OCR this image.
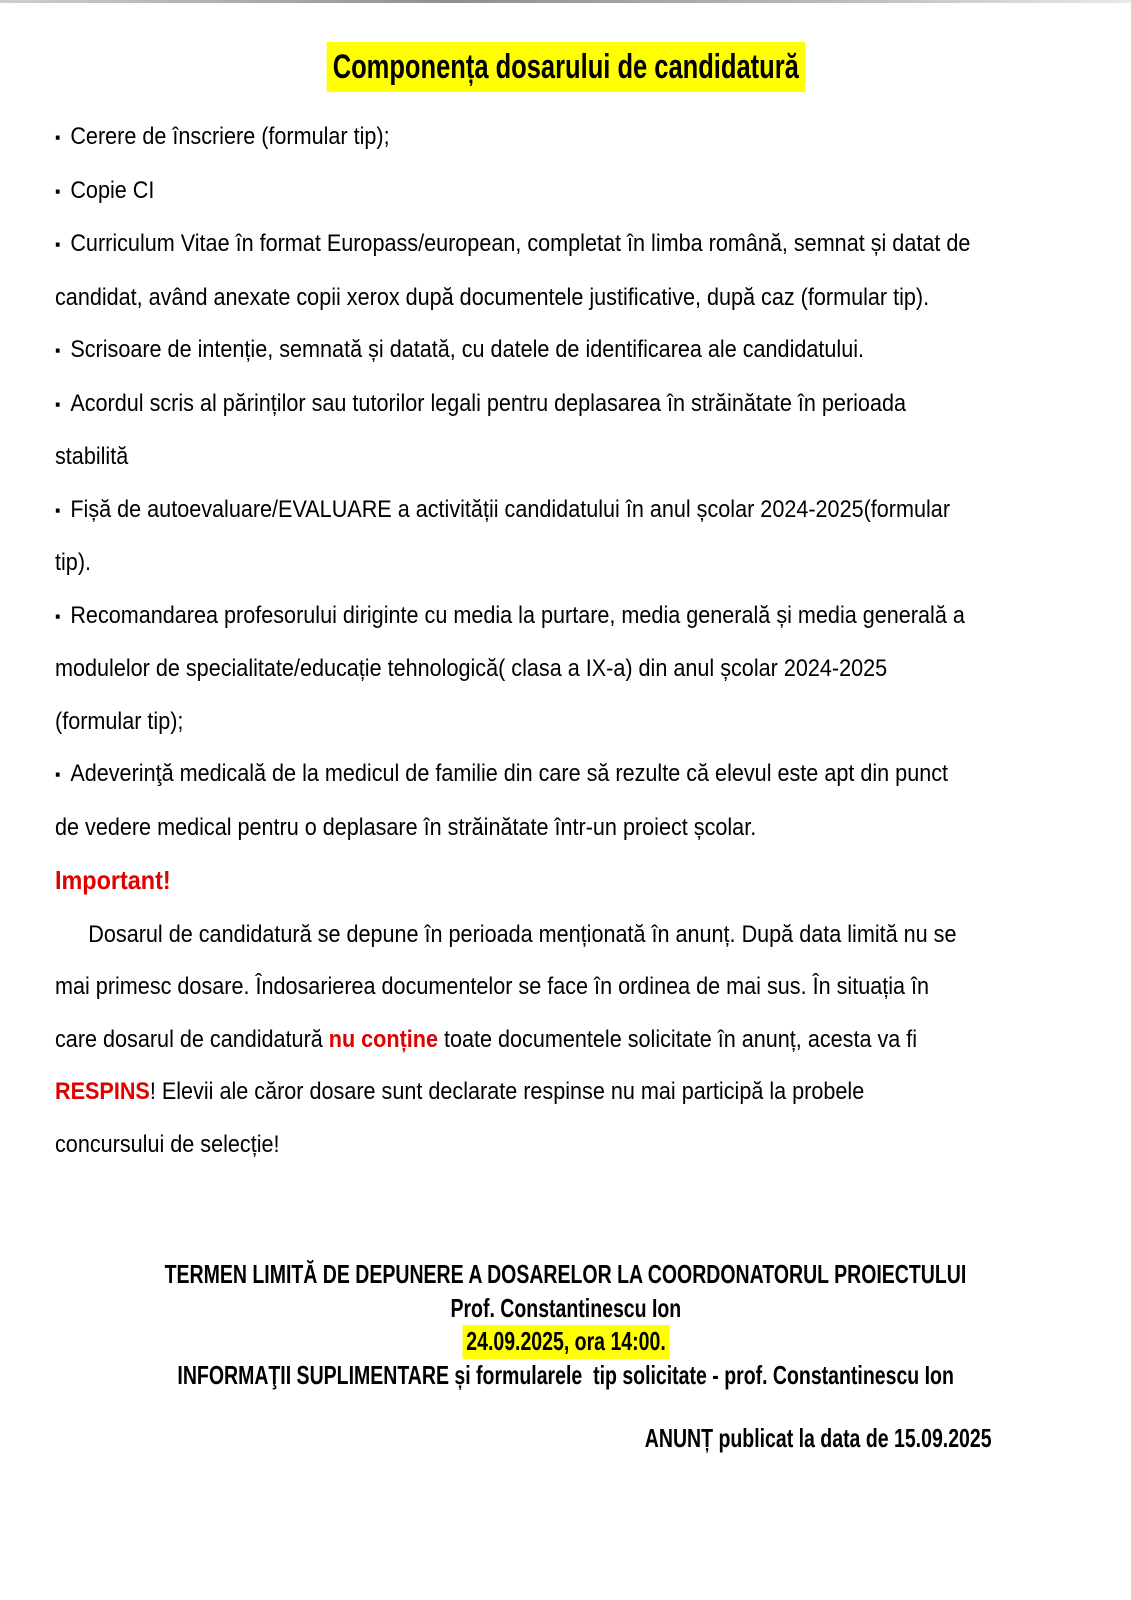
Componența dosarului de candidatură
▪ Cerere de înscriere (formular tip);
▪ Copie CI
▪ Curriculum Vitae în format Europass/european, completat în limba română, semnat și datat de
candidat, având anexate copii xerox după documentele justificative, după caz (formular tip).
▪ Scrisoare de intenție, semnată și datată, cu datele de identificarea ale candidatului.
▪ Acordul scris al părinților sau tutorilor legali pentru deplasarea în străinătate în perioada
stabilită
▪ Fișă de autoevaluare/EVALUARE a activității candidatului în anul școlar 2024-2025(formular
tip).
▪ Recomandarea profesorului diriginte cu media la purtare, media generală și media generală a
modulelor de specialitate/educație tehnologică( clasa a IX-a) din anul școlar 2024-2025
(formular tip);
▪ Adeverinţă medicală de la medicul de familie din care să rezulte că elevul este apt din punct
de vedere medical pentru o deplasare în străinătate într-un proiect școlar.
Important!
Dosarul de candidatură se depune în perioada menționată în anunț. După data limită nu se
mai primesc dosare. Îndosarierea documentelor se face în ordinea de mai sus. În situația în
care dosarul de candidatură nu conține toate documentele solicitate în anunț, acesta va fi
RESPINS! Elevii ale căror dosare sunt declarate respinse nu mai participă la probele
concursului de selecție!
TERMEN LIMITĂ DE DEPUNERE A DOSARELOR LA COORDONATORUL PROIECTULUI
Prof. Constantinescu Ion
24.09.2025, ora 14:00.
INFORMAŢII SUPLIMENTARE și formularele  tip solicitate - prof. Constantinescu Ion
ANUNȚ publicat la data de 15.09.2025
